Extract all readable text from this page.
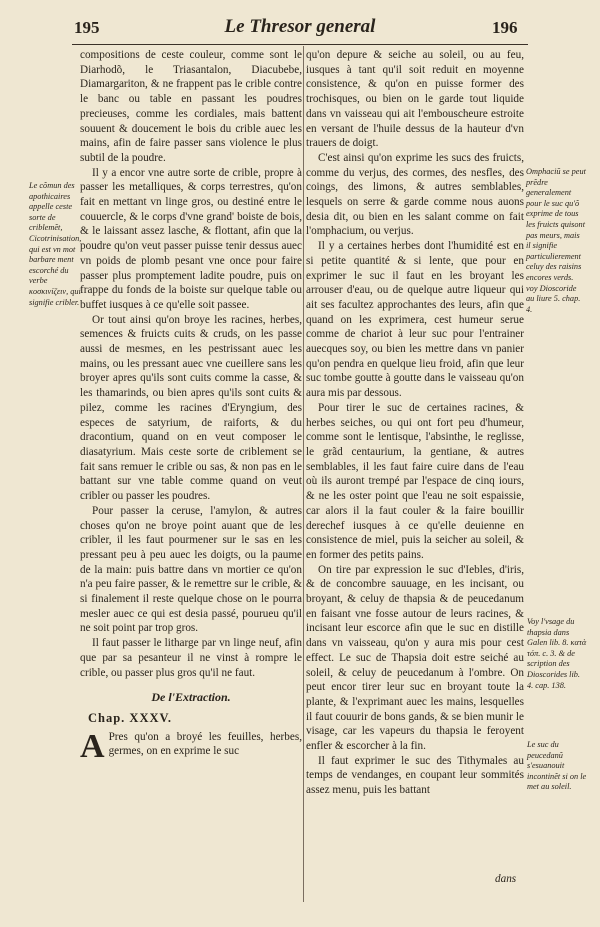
195	Le Thresor general	196
Le cõmun des apothicaires appelle ceste sorte de criblemẽt, Cicotrinisation, qui est vn mot barbare ment escorché du verbe κοσκινίζειν, qui signifie cribler.

compositions de ceste couleur, comme sont le Diarhodõ, le Triasantalon, Diacubebe, Diamargariton, & ne frappent pas le crible contre le banc ou table en passant les poudres precieuses, comme les cordiales, mais battent souuent & doucement le bois du crible auec les mains, afin de faire passer sans violence le plus subtil de la poudre.

Il y a encor vne autre sorte de crible, propre à passer les metalliques, & corps terrestres, qu'on fait en mettant vn linge gros, ou destiné entre le couuercle, & le corps d'vne grand' boiste de bois, & le laissant assez lasche, & flottant, afin que la poudre qu'on veut passer puisse tenir dessus auec vn poids de plomb pesant vne once pour faire passer plus promptement ladite poudre, puis on frappe du fonds de la boiste sur quelque table ou buffet iusques à ce qu'elle soit passee.

Or tout ainsi qu'on broye les racines, herbes, semences & fruicts cuits & cruds, on les passe aussi de mesmes, en les pestrissant auec les mains, ou les pressant auec vne cueillere sans les broyer apres qu'ils sont cuits comme la casse, & les thamarinds, ou bien apres qu'ils sont cuits & pilez, comme les racines d'Eryngium, des especes de satyrium, de raiforts, & du dracontium, quand on en veut composer le diasatyrium. Mais ceste sorte de criblement se fait sans remuer le crible ou sas, & non pas en le battant sur vne table comme quand on veut cribler ou passer les poudres.

Pour passer la ceruse, l'amylon, & autres choses qu'on ne broye point auant que de les cribler, il les faut pourmener sur le sas en les pressant peu à peu auec les doigts, ou la paume de la main: puis battre dans vn mortier ce qu'on n'a peu faire passer, & le remettre sur le crible, & si finalement il reste quelque chose on le pourra mesler auec ce qui est desia passé, pourueu qu'il ne soit point par trop gros.

Il faut passer le litharge par vn linge neuf, afin que par sa pesanteur il ne vinst à rompre le crible, ou passer plus gros qu'il ne faut.

De l'Extraction.
Chap. XXXV.

A Pres qu'on a broyé les feuilles, herbes, germes, on en exprime le suc

qu'on depure & seiche au soleil, ou au feu, iusques à tant qu'il soit reduit en moyenne consistence, & qu'on en puisse former des trochisques, ou bien on le garde tout liquide dans vn vaisseau qui ait l'embouscheure estroite en versant de l'huile dessus de la hauteur d'vn trauers de doigt.

C'est ainsi qu'on exprime les sucs des fruicts, comme du verjus, des cormes, des nesfles, des coings, des limons, & autres semblables, lesquels on serre & garde comme nous auons desia dit, ou bien en les salant comme on fait l'omphacium, ou verjus.

Il y a certaines herbes dont l'humidité est en si petite quantité & si lente, que pour en exprimer le suc il faut en les broyant les arrouser d'eau, ou de quelque autre liqueur qui ait ses facultez approchantes des leurs, afin que quand on les exprimera, cest humeur serue comme de chariot à leur suc pour l'entrainer auecques soy, ou bien les mettre dans vn panier qu'on pendra en quelque lieu froid, afin que leur suc tombe goutte à goutte dans le vaisseau qu'on aura mis par dessous.

Pour tirer le suc de certaines racines, & herbes seiches, ou qui ont fort peu d'humeur, comme sont le lentisque, l'absinthe, le reglisse, le grãd centaurium, la gentiane, & autres semblables, il les faut faire cuire dans de l'eau où ils auront trempé par l'espace de cinq iours, & ne les oster point que l'eau ne soit espaissie, car alors il la faut couler & la faire bouillir derechef iusques à ce qu'elle deuienne en consistence de miel, puis la seicher au soleil, & en former des petits pains.

On tire par expression le suc d'Iebles, d'iris, & de concombre sauuage, en les incisant, ou broyant, & celuy de thapsia & de peucedanum en faisant vne fosse autour de leurs racines, & incisant leur escorce afin que le suc en distille dans vn vaisseau, qu'on y aura mis pour cest effect. Le suc de Thapsia doit estre seiché au soleil, & celuy de peucedanum à l'ombre. On peut encor tirer leur suc en broyant toute la plante, & l'exprimant auec les mains, lesquelles il faut couurir de bons gands, & se bien munir le visage, car les vapeurs du thapsia le feroyent enfler & escorcher à la fin.

Il faut exprimer le suc des Tithymales au temps de vendanges, en coupant leur sommités assez menu, puis les battant

Omphaciũ se peut prẽdre generalement pour le suc qu'õ exprime de tous les fruicts quisont pas meurs, mais il signifie particulierement celuy des raisins encores verds. voy Dioscoride au liure 5. chap. 4.
Voy l'vsage du thapsia dans Galen lib. 8. κατὰ τόπ. c. 3. & de scription des Dioscorides lib. 4. cap. 138.
Le suc du peucedanũ s'esuanouit incontinẽt si on le met au soleil.
dans
